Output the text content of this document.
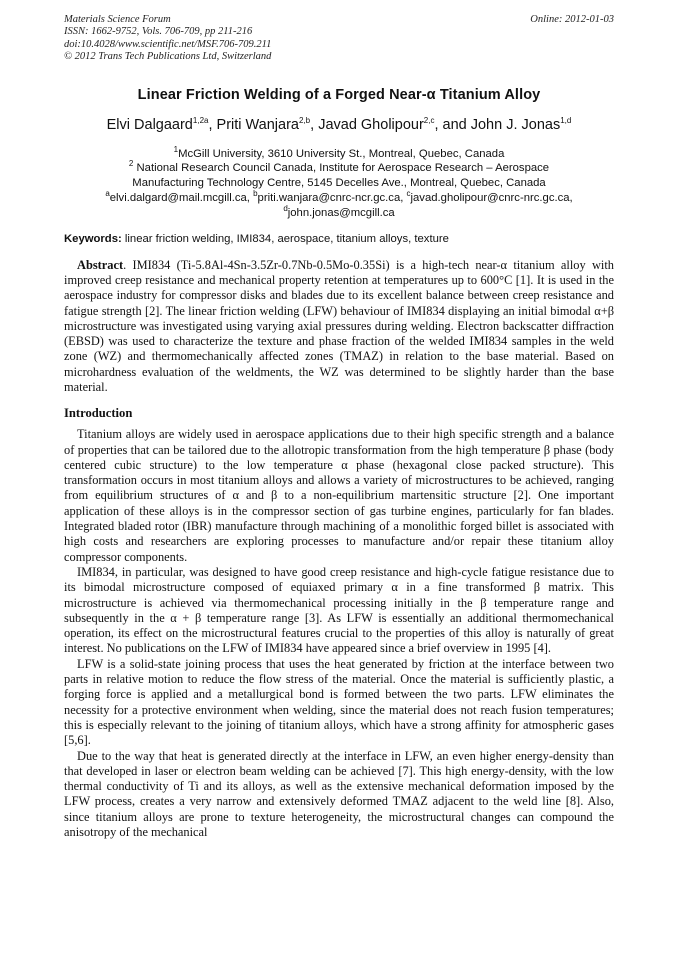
Materials Science Forum
ISSN: 1662-9752, Vols. 706-709, pp 211-216
doi:10.4028/www.scientific.net/MSF.706-709.211
© 2012 Trans Tech Publications Ltd, Switzerland
Online: 2012-01-03
Linear Friction Welding of a Forged Near-α Titanium Alloy
Elvi Dalgaard$^{1,2a}$, Priti Wanjara$^{2,b}$, Javad Gholipour$^{2,c}$, and John J. Jonas$^{1,d}$
$^1$McGill University, 3610 University St., Montreal, Quebec, Canada
$^2$ National Research Council Canada, Institute for Aerospace Research – Aerospace
Manufacturing Technology Centre, 5145 Decelles Ave., Montreal, Quebec, Canada
$^a$elvi.dalgard@mail.mcgill.ca, $^b$priti.wanjara@cnrc-ncr.gc.ca, $^c$javad.gholipour@cnrc-nrc.gc.ca,
$^d$john.jonas@mcgill.ca
Keywords: linear friction welding, IMI834, aerospace, titanium alloys, texture
Abstract. IMI834 (Ti-5.8Al-4Sn-3.5Zr-0.7Nb-0.5Mo-0.35Si) is a high-tech near-α titanium alloy with improved creep resistance and mechanical property retention at temperatures up to 600°C [1]. It is used in the aerospace industry for compressor disks and blades due to its excellent balance between creep resistance and fatigue strength [2]. The linear friction welding (LFW) behaviour of IMI834 displaying an initial bimodal α+β microstructure was investigated using varying axial pressures during welding. Electron backscatter diffraction (EBSD) was used to characterize the texture and phase fraction of the welded IMI834 samples in the weld zone (WZ) and thermomechanically affected zones (TMAZ) in relation to the base material. Based on microhardness evaluation of the weldments, the WZ was determined to be slightly harder than the base material.
Introduction

Titanium alloys are widely used in aerospace applications due to their high specific strength and a balance of properties that can be tailored due to the allotropic transformation from the high temperature β phase (body centered cubic structure) to the low temperature α phase (hexagonal close packed structure). This transformation occurs in most titanium alloys and allows a variety of microstructures to be achieved, ranging from equilibrium structures of α and β to a non-equilibrium martensitic structure [2]. One important application of these alloys is in the compressor section of gas turbine engines, particularly for fan blades. Integrated bladed rotor (IBR) manufacture through machining of a monolithic forged billet is associated with high costs and researchers are exploring processes to manufacture and/or repair these titanium alloy compressor components.

IMI834, in particular, was designed to have good creep resistance and high-cycle fatigue resistance due to its bimodal microstructure composed of equiaxed primary α in a fine transformed β matrix. This microstructure is achieved via thermomechanical processing initially in the β temperature range and subsequently in the α + β temperature range [3]. As LFW is essentially an additional thermomechanical operation, its effect on the microstructural features crucial to the properties of this alloy is naturally of great interest. No publications on the LFW of IMI834 have appeared since a brief overview in 1995 [4].

LFW is a solid-state joining process that uses the heat generated by friction at the interface between two parts in relative motion to reduce the flow stress of the material. Once the material is sufficiently plastic, a forging force is applied and a metallurgical bond is formed between the two parts. LFW eliminates the necessity for a protective environment when welding, since the material does not reach fusion temperatures; this is especially relevant to the joining of titanium alloys, which have a strong affinity for atmospheric gases [5,6].

Due to the way that heat is generated directly at the interface in LFW, an even higher energy-density than that developed in laser or electron beam welding can be achieved [7]. This high energy-density, with the low thermal conductivity of Ti and its alloys, as well as the extensive mechanical deformation imposed by the LFW process, creates a very narrow and extensively deformed TMAZ adjacent to the weld line [8]. Also, since titanium alloys are prone to texture heterogeneity, the microstructural changes can compound the anisotropy of the mechanical
